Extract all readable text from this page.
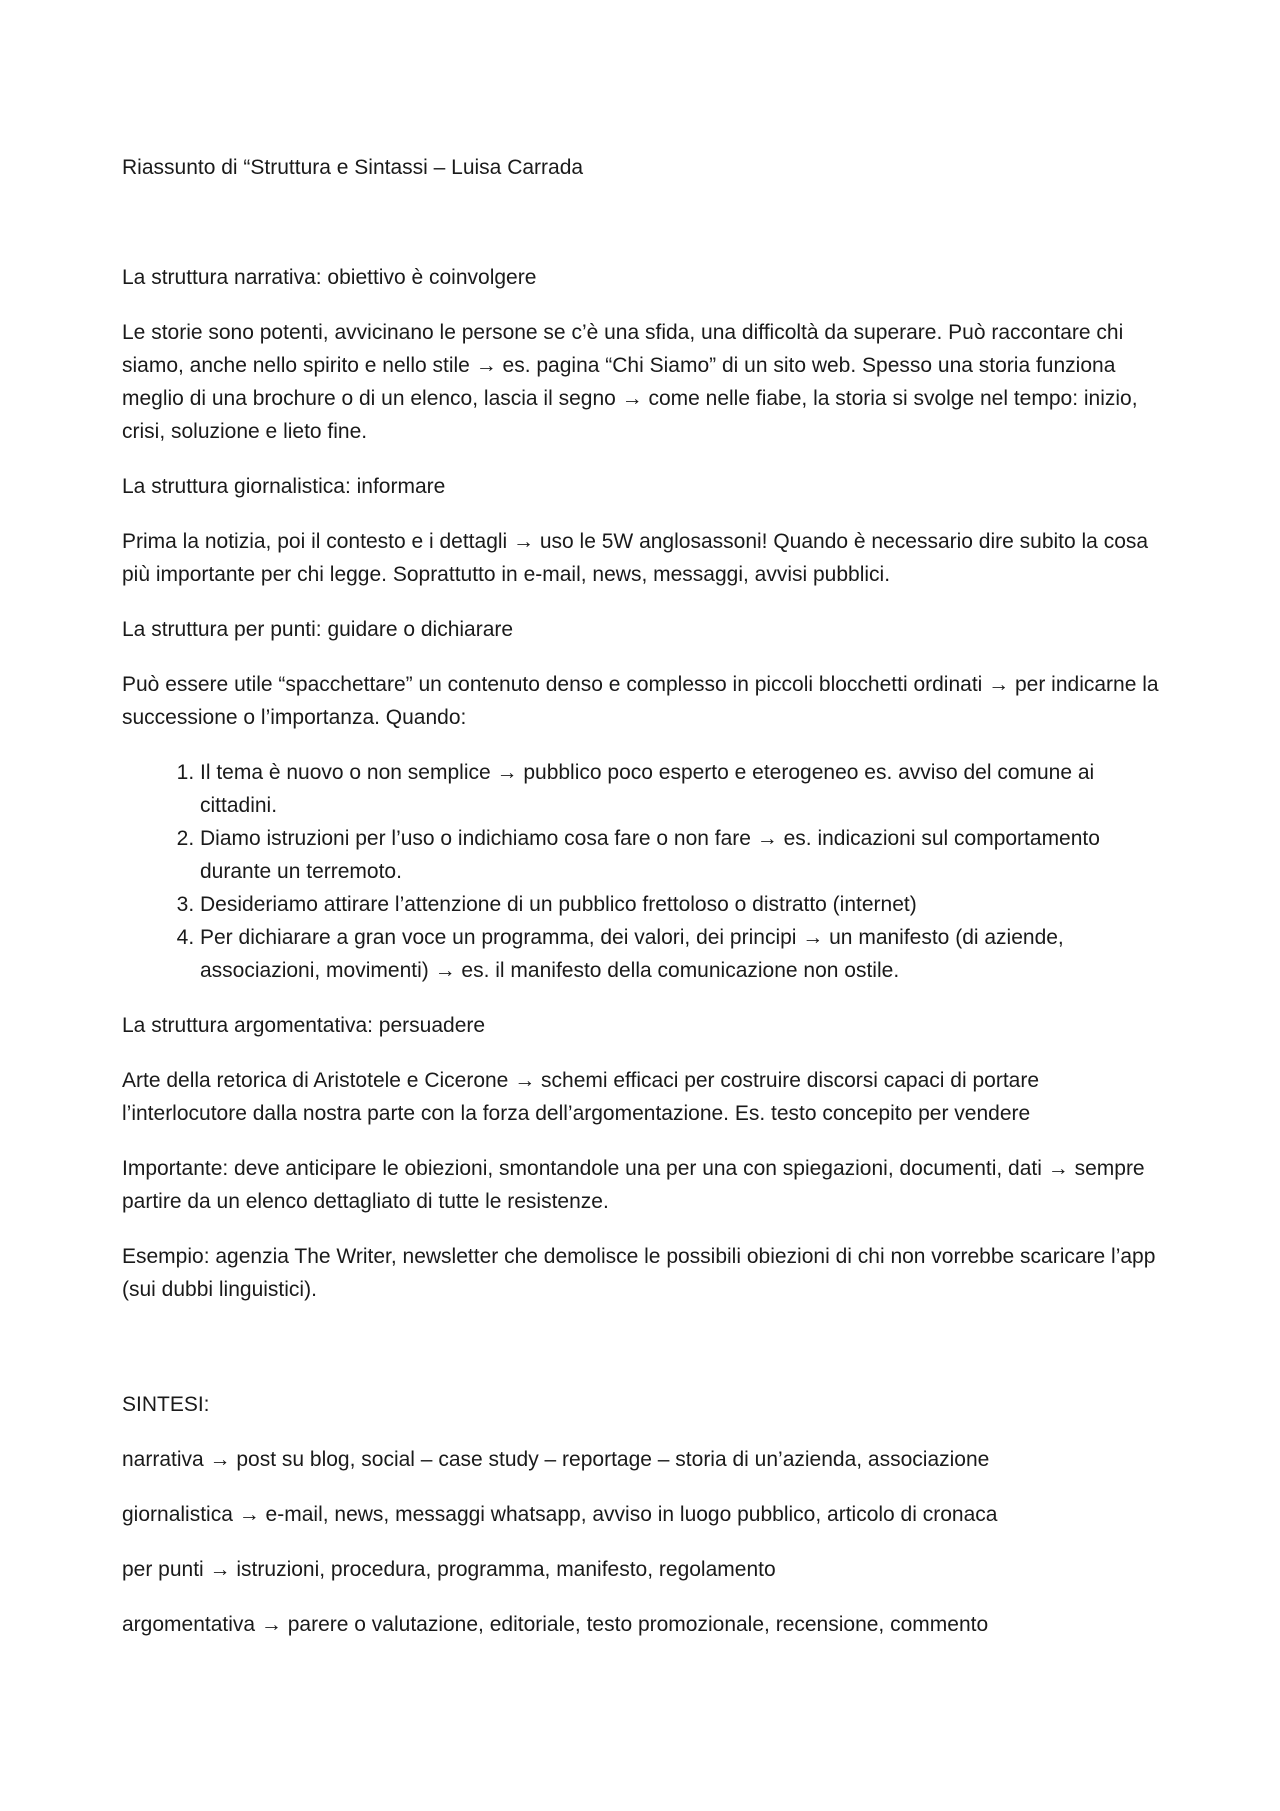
Riassunto di “Struttura e Sintassi – Luisa Carrada

La struttura narrativa: obiettivo è coinvolgere

Le storie sono potenti, avvicinano le persone se c’è una sfida, una difficoltà da superare. Può raccontare chi siamo, anche nello spirito e nello stile → es. pagina “Chi Siamo” di un sito web. Spesso una storia funziona meglio di una brochure o di un elenco, lascia il segno → come nelle fiabe, la storia si svolge nel tempo: inizio, crisi, soluzione e lieto fine.

La struttura giornalistica: informare

Prima la notizia, poi il contesto e i dettagli → uso le 5W anglosassoni! Quando è necessario dire subito la cosa più importante per chi legge. Soprattutto in e-mail, news, messaggi, avvisi pubblici.

La struttura per punti: guidare o dichiarare

Può essere utile “spacchettare” un contenuto denso e complesso in piccoli blocchetti ordinati → per indicarne la successione o l’importanza. Quando:

1. Il tema è nuovo o non semplice → pubblico poco esperto e eterogeneo es. avviso del comune ai cittadini.
2. Diamo istruzioni per l’uso o indichiamo cosa fare o non fare → es. indicazioni sul comportamento durante un terremoto.
3. Desideriamo attirare l’attenzione di un pubblico frettoloso o distratto (internet)
4. Per dichiarare a gran voce un programma, dei valori, dei principi → un manifesto (di aziende, associazioni, movimenti) → es. il manifesto della comunicazione non ostile.

La struttura argomentativa: persuadere

Arte della retorica di Aristotele e Cicerone → schemi efficaci per costruire discorsi capaci di portare l’interlocutore dalla nostra parte con la forza dell’argomentazione. Es. testo concepito per vendere

Importante: deve anticipare le obiezioni, smontandole una per una con spiegazioni, documenti, dati → sempre partire da un elenco dettagliato di tutte le resistenze.

Esempio: agenzia The Writer, newsletter che demolisce le possibili obiezioni di chi non vorrebbe scaricare l’app (sui dubbi linguistici).

SINTESI:

narrativa → post su blog, social – case study – reportage – storia di un’azienda, associazione

giornalistica → e-mail, news, messaggi whatsapp, avviso in luogo pubblico, articolo di cronaca

per punti → istruzioni, procedura, programma, manifesto, regolamento

argomentativa → parere o valutazione, editoriale, testo promozionale, recensione, commento
